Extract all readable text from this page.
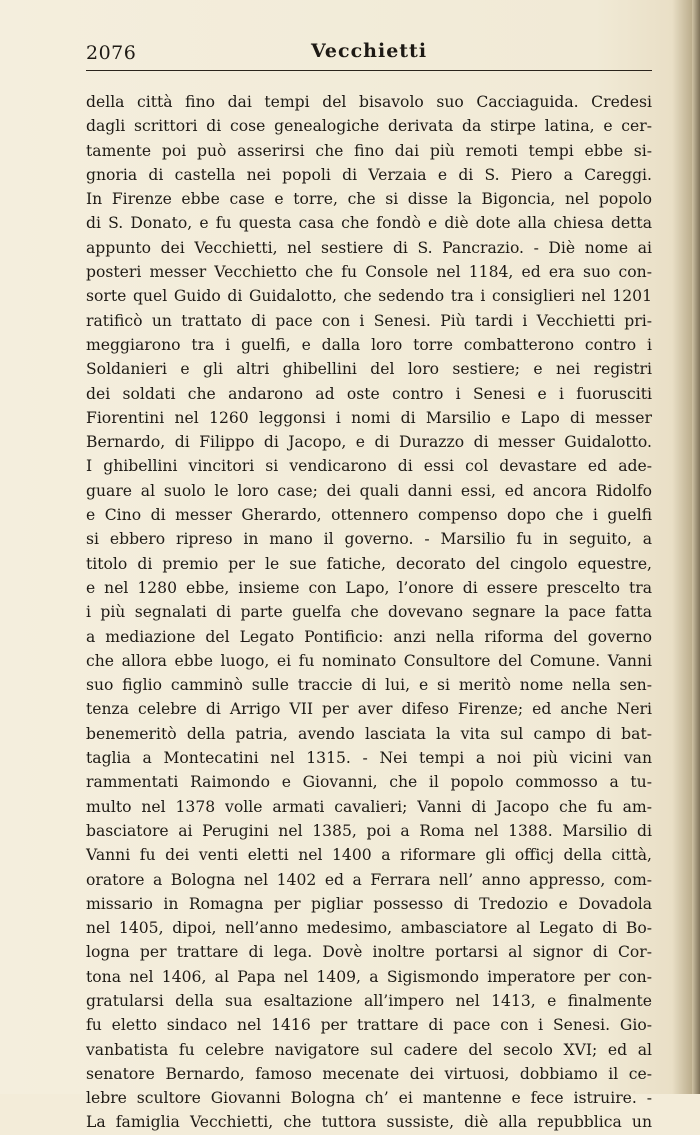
2076	Vecchietti
della città fino dai tempi del bisavolo suo Cacciaguida. Credesi
dagli scrittori di cose genealogiche derivata da stirpe latina, e cer-
tamente poi può asserirsi che fino dai più remoti tempi ebbe si-
gnoria di castella nei popoli di Verzaia e di S. Piero a Careggi.
In Firenze ebbe case e torre, che si disse la Bigoncia, nel popolo
di S. Donato, e fu questa casa che fondò e diè dote alla chiesa detta
appunto dei Vecchietti, nel sestiere di S. Pancrazio. - Diè nome ai
posteri messer Vecchietto che fu Console nel 1184, ed era suo con-
sorte quel Guido di Guidalotto, che sedendo tra i consiglieri nel 1201
ratificò un trattato di pace con i Senesi. Più tardi i Vecchietti pri-
meggiarono tra i guelfi, e dalla loro torre combatterono contro i
Soldanieri e gli altri ghibellini del loro sestiere; e nei registri
dei soldati che andarono ad oste contro i Senesi e i fuorusciti
Fiorentini nel 1260 leggonsi i nomi di Marsilio e Lapo di messer
Bernardo, di Filippo di Jacopo, e di Durazzo di messer Guidalotto.
I ghibellini vincitori si vendicarono di essi col devastare ed ade-
guare al suolo le loro case; dei quali danni essi, ed ancora Ridolfo
e Cino di messer Gherardo, ottennero compenso dopo che i guelfi
si ebbero ripreso in mano il governo. - Marsilio fu in seguito, a
titolo di premio per le sue fatiche, decorato del cingolo equestre,
e nel 1280 ebbe, insieme con Lapo, l’onore di essere prescelto tra
i più segnalati di parte guelfa che dovevano segnare la pace fatta
a mediazione del Legato Pontificio: anzi nella riforma del governo
che allora ebbe luogo, ei fu nominato Consultore del Comune. Vanni
suo figlio camminò sulle traccie di lui, e si meritò nome nella sen-
tenza celebre di Arrigo VII per aver difeso Firenze; ed anche Neri
benemeritò della patria, avendo lasciata la vita sul campo di bat-
taglia a Montecatini nel 1315. - Nei tempi a noi più vicini van
rammentati Raimondo e Giovanni, che il popolo commosso a tu-
multo nel 1378 volle armati cavalieri; Vanni di Jacopo che fu am-
basciatore ai Perugini nel 1385, poi a Roma nel 1388. Marsilio di
Vanni fu dei venti eletti nel 1400 a riformare gli officj della città,
oratore a Bologna nel 1402 ed a Ferrara nell’ anno appresso, com-
missario in Romagna per pigliar possesso di Tredozio e Dovadola
nel 1405, dipoi, nell’anno medesimo, ambasciatore al Legato di Bo-
logna per trattare di lega. Dovè inoltre portarsi al signor di Cor-
tona nel 1406, al Papa nel 1409, a Sigismondo imperatore per con-
gratularsi della sua esaltazione all’impero nel 1413, e finalmente
fu eletto sindaco nel 1416 per trattare di pace con i Senesi. Gio-
vanbatista fu celebre navigatore sul cadere del secolo XVI; ed al
senatore Bernardo, famoso mecenate dei virtuosi, dobbiamo il ce-
lebre scultore Giovanni Bologna ch’ ei mantenne e fece istruire. -
La famiglia Vecchietti, che tuttora sussiste, diè alla repubblica un
